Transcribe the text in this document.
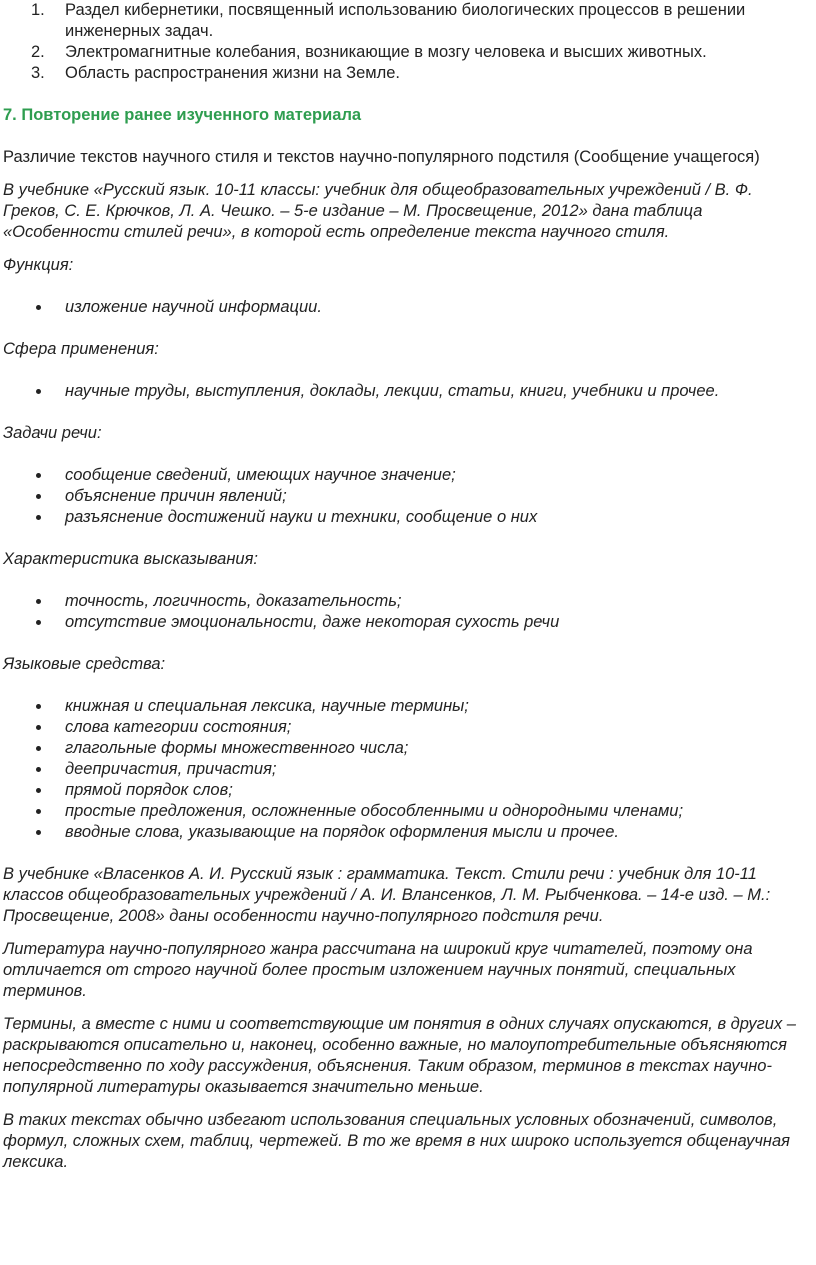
1. Раздел кибернетики, посвященный использованию биологических процессов в решении инженерных задач.
2. Электромагнитные колебания, возникающие в мозгу человека и высших животных.
3. Область распространения жизни на Земле.
7. Повторение ранее изученного материала

Различие текстов научного стиля и текстов научно-популярного подстиля (Сообщение учащегося)

В учебнике «Русский язык. 10-11 классы: учебник для общеобразовательных учреждений / В. Ф. Греков, С. Е. Крючков, Л. А. Чешко. – 5-е издание – М. Просвещение, 2012» дана таблица «Особенности стилей речи», в которой есть определение текста научного стиля.

Функция:

изложение научной информации.

Сфера применения:

научные труды, выступления, доклады, лекции, статьи, книги, учебники и прочее.

Задачи речи:

сообщение сведений, имеющих научное значение;
объяснение причин явлений;
разъяснение достижений науки и техники, сообщение о них

Характеристика высказывания:

точность, логичность, доказательность;
отсутствие эмоциональности, даже некоторая сухость речи

Языковые средства:

книжная и специальная лексика, научные термины;
слова категории состояния;
глагольные формы множественного числа;
деепричастия, причастия;
прямой порядок слов;
простые предложения, осложненные обособленными и однородными членами;
вводные слова, указывающие на порядок оформления мысли и прочее.

В учебнике «Власенков А. И. Русский язык : грамматика. Текст. Стили речи : учебник для 10-11 классов общеобразовательных учреждений / А. И. Влансенков, Л. М. Рыбченкова. – 14-е изд. – М.: Просвещение, 2008» даны особенности научно-популярного подстиля речи.

Литература научно-популярного жанра рассчитана на широкий круг читателей, поэтому она отличается от строго научной более простым изложением научных понятий, специальных терминов.

Термины, а вместе с ними и соответствующие им понятия в одних случаях опускаются, в других – раскрываются описательно и, наконец, особенно важные, но малоупотребительные объясняются непосредственно по ходу рассуждения, объяснения. Таким образом, терминов в текстах научно-популярной литературы оказывается значительно меньше.

В таких текстах обычно избегают использования специальных условных обозначений, символов, формул, сложных схем, таблиц, чертежей. В то же время в них широко используется общенаучная лексика.
